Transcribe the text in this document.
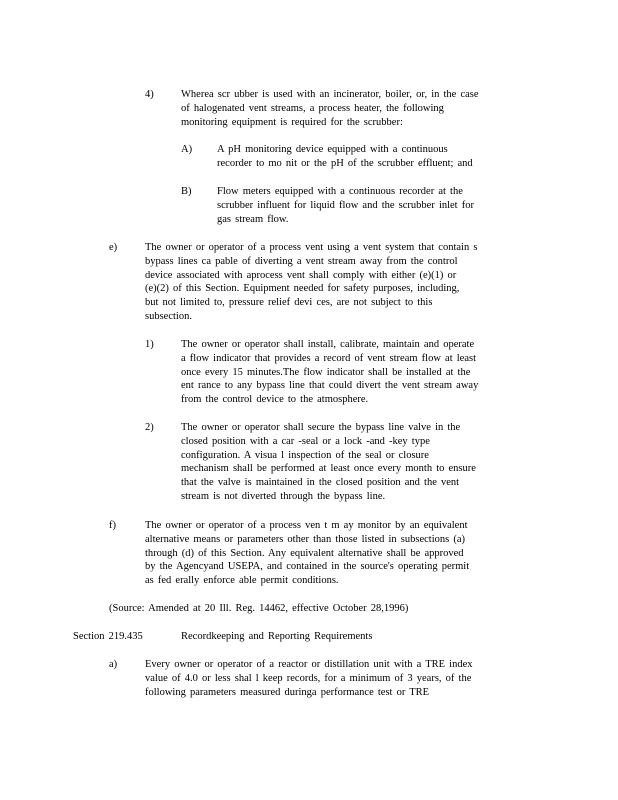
4)	Wherea scr ubber is used with an incinerator, boiler, or, in the case
of halogenated vent streams, a process heater, the following
monitoring equipment is required for the scrubber:
A) A pH monitoring device equipped with a continuous
recorder to mo nit or the pH of the scrubber effluent; and
B) Flow meters equipped with a continuous recorder at the
scrubber influent for liquid flow and the scrubber inlet for
gas stream flow.
e)	The owner or operator of a process vent using a vent system that contain s
bypass lines ca pable of diverting a vent stream away from the control
device associated with aprocess vent shall comply with either (e)(1) or
(e)(2) of this Section. Equipment needed for safety purposes, including,
but not limited to, pressure relief devi ces, are not subject to this
subsection.
1)	The owner or operator shall install, calibrate, maintain and operate
a flow indicator that provides a record of vent stream flow at least
once every 15 minutes.The flow indicator shall be installed at the
ent rance to any bypass line that could divert the vent stream away
from the control device to the atmosphere.
2)	The owner or operator shall secure the bypass line valve in the
closed position with a car -seal or a lock -and -key type
configuration. A visua l inspection of the seal or closure
mechanism shall be performed at least once every month to ensure
that the valve is maintained in the closed position and the vent
stream is not diverted through the bypass line.
f)	The owner or operator of a process ven t m ay monitor by an equivalent
alternative means or parameters other than those listed in subsections (a)
through (d) of this Section. Any equivalent alternative shall be approved
by the Agencyand USEPA, and contained in the source's operating permit
as fed erally enforce able permit conditions.
(Source: Amended at 20 Ill. Reg. 14462, effective October 28,1996)
Section 219.435	Recordkeeping and Reporting Requirements
a)	Every owner or operator of a reactor or distillation unit with a TRE index
value of 4.0 or less shal l keep records, for a minimum of 3 years, of the
following parameters measured duringa performance test or TRE
